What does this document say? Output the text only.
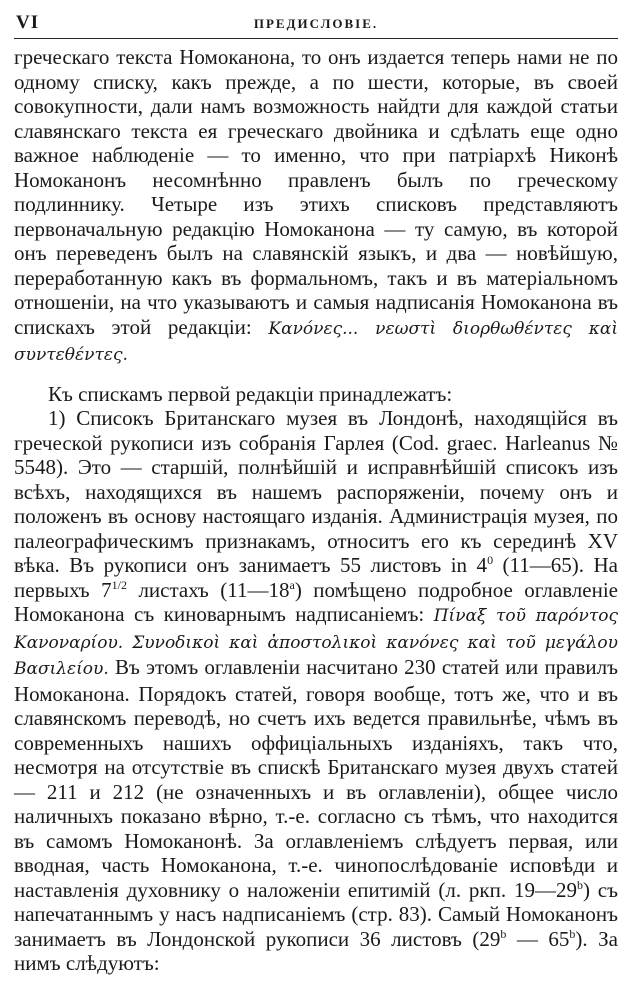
VI	ПРЕДИСЛОВІЕ.

греческаго текста Номоканона, то онъ издается теперь нами не по одному списку, какъ прежде, а по шести, которые, въ своей совокупности, дали намъ возможность найдти для каждой статьи славянскаго текста ея греческаго двойника и сдѣлать еще одно важное наблюденіе — то именно, что при патріархѣ Никонѣ Номоканонъ несомнѣнно правленъ былъ по греческому подлиннику. Четыре изъ этихъ списковъ представляютъ первоначальную редакцію Номоканона — ту самую, въ которой онъ переведенъ былъ на славянскій языкъ, и два — новѣйшую, переработанную какъ въ формальномъ, такъ и въ матеріальномъ отношеніи, на что указываютъ и самыя надписанія Номоканона въ спискахъ этой редакціи: Κανόνες... νεωστὶ διορθωθέντες καὶ συντεθέντες.

Къ спискамъ первой редакціи принадлежатъ:

1) Списокъ Британскаго музея въ Лондонѣ, находящійся въ греческой рукописи изъ собранія Гарлея (Cod. graec. Harleanus № 5548). Это — старшій, полнѣйшій и исправнѣйшій списокъ изъ всѣхъ, находящихся въ нашемъ распоряженіи, почему онъ и положенъ въ основу настоящаго изданія. Администрація музея, по палеографическимъ признакамъ, относитъ его къ серединѣ XV вѣка. Въ рукописи онъ занимаетъ 55 листовъ in $4^0$ (11—65). На первыхъ $7^{1/2}$ листахъ (11—18$^a$) помѣщено подробное оглавленіе Номоканона съ киноварнымъ надписаніемъ: Πίναξ τοῦ παρόντος Κανοναρίου. Συνοδικοὶ καὶ ἀποστολικοὶ κανόνες καὶ τοῦ μεγάλου Βασιλείου. Въ этомъ оглавленіи насчитано 230 статей или правилъ Номоканона. Порядокъ статей, говоря вообще, тотъ же, что и въ славянскомъ переводѣ, но счетъ ихъ ведется правильнѣе, чѣмъ въ современныхъ нашихъ оффиціальныхъ изданіяхъ, такъ что, несмотря на отсутствіе въ спискѣ Британскаго музея двухъ статей — 211 и 212 (не означенныхъ и въ оглавленіи), общее число наличныхъ показано вѣрно, т.-е. согласно съ тѣмъ, что находится въ самомъ Номоканонѣ. За оглавленіемъ слѣдуетъ первая, или вводная, часть Номоканона, т.-е. чинопослѣдованіе исповѣди и наставленія духовнику о наложеніи епитимій (л. ркп. 19—29$^b$) съ напечатаннымъ у насъ надписаніемъ (стр. 83). Самый Номоканонъ занимаетъ въ Лондонской рукописи 36 листовъ (29$^b$ — 65$^b$). За нимъ слѣдуютъ:
